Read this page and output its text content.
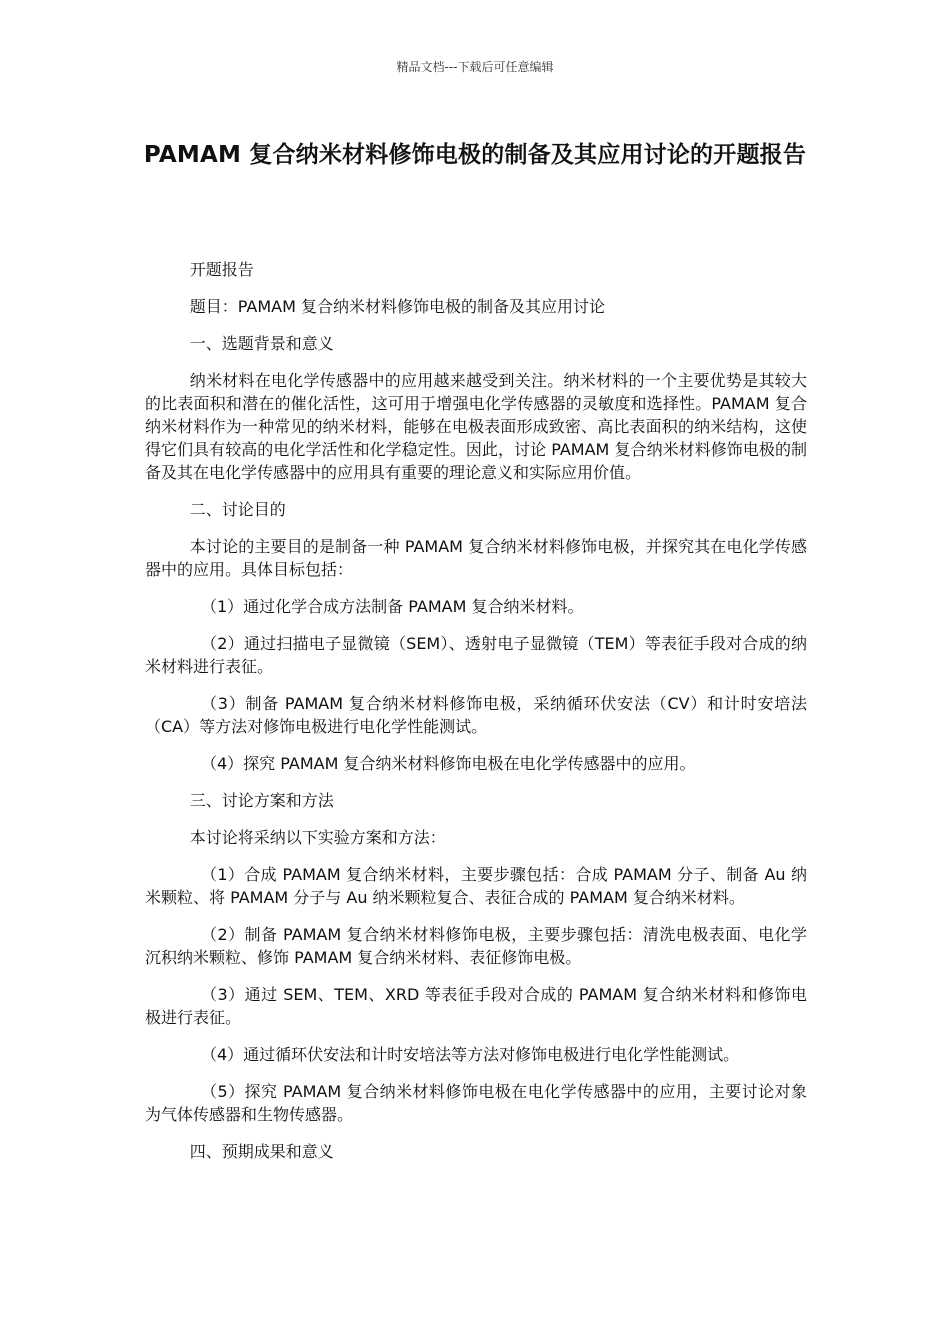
精品文档---下载后可任意编辑
PAMAM 复合纳米材料修饰电极的制备及其应用讨论的开题报告

开题报告

题目：PAMAM 复合纳米材料修饰电极的制备及其应用讨论

一、选题背景和意义

纳米材料在电化学传感器中的应用越来越受到关注。纳米材料的一个主要优势是其较大的比表面积和潜在的催化活性，这可用于增强电化学传感器的灵敏度和选择性。PAMAM 复合纳米材料作为一种常见的纳米材料，能够在电极表面形成致密、高比表面积的纳米结构，这使得它们具有较高的电化学活性和化学稳定性。因此，讨论 PAMAM 复合纳米材料修饰电极的制备及其在电化学传感器中的应用具有重要的理论意义和实际应用价值。

二、讨论目的

本讨论的主要目的是制备一种 PAMAM 复合纳米材料修饰电极，并探究其在电化学传感器中的应用。具体目标包括：

（1）通过化学合成方法制备 PAMAM 复合纳米材料。

（2）通过扫描电子显微镜（SEM）、透射电子显微镜（TEM）等表征手段对合成的纳米材料进行表征。

（3）制备 PAMAM 复合纳米材料修饰电极，采纳循环伏安法（CV）和计时安培法（CA）等方法对修饰电极进行电化学性能测试。

（4）探究 PAMAM 复合纳米材料修饰电极在电化学传感器中的应用。

三、讨论方案和方法

本讨论将采纳以下实验方案和方法：

（1）合成 PAMAM 复合纳米材料，主要步骤包括：合成 PAMAM 分子、制备 Au 纳米颗粒、将 PAMAM 分子与 Au 纳米颗粒复合、表征合成的 PAMAM 复合纳米材料。

（2）制备 PAMAM 复合纳米材料修饰电极，主要步骤包括：清洗电极表面、电化学沉积纳米颗粒、修饰 PAMAM 复合纳米材料、表征修饰电极。

（3）通过 SEM、TEM、XRD 等表征手段对合成的 PAMAM 复合纳米材料和修饰电极进行表征。

（4）通过循环伏安法和计时安培法等方法对修饰电极进行电化学性能测试。

（5）探究 PAMAM 复合纳米材料修饰电极在电化学传感器中的应用，主要讨论对象为气体传感器和生物传感器。

四、预期成果和意义
